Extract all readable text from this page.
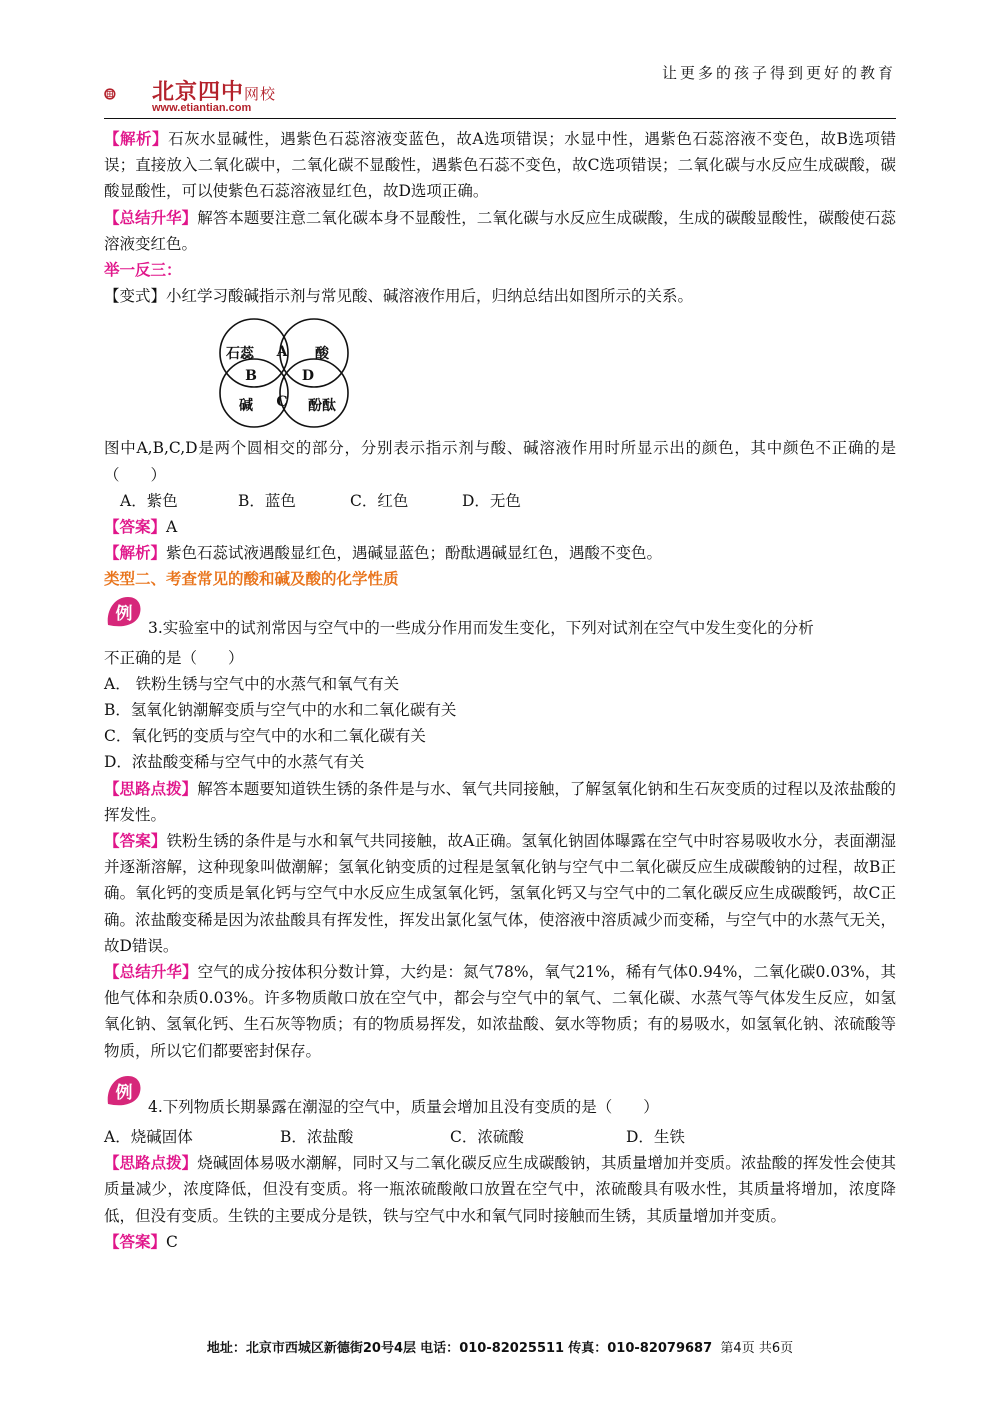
让更多的孩子得到更好的教育
北京四中网校
www.etiantian.com

【解析】石灰水显碱性，遇紫色石蕊溶液变蓝色，故A选项错误；水显中性，遇紫色石蕊溶液不变色，故B选项错误；直接放入二氧化碳中，二氧化碳不显酸性，遇紫色石蕊不变色，故C选项错误；二氧化碳与水反应生成碳酸，碳酸显酸性，可以使紫色石蕊溶液显红色，故D选项正确。

【总结升华】解答本题要注意二氧化碳本身不显酸性，二氧化碳与水反应生成碳酸，生成的碳酸显酸性，碳酸使石蕊溶液变红色。

举一反三：

【变式】小红学习酸碱指示剂与常见酸、碱溶液作用后，归纳总结出如图所示的关系。

石蕊	酸
A
B	D
碱 C 酚酞

图中A,B,C,D是两个圆相交的部分，分别表示指示剂与酸、碱溶液作用时所显示出的颜色，其中颜色不正确的是（　　）

A．紫色	B．蓝色	C．红色	D．无色

【答案】A

【解析】紫色石蕊试液遇酸显红色，遇碱显蓝色；酚酞遇碱显红色，遇酸不变色。

类型二、考查常见的酸和碱及酸的化学性质

例
3.实验室中的试剂常因与空气中的一些成分作用而发生变化，下列对试剂在空气中发生变化的分析

不正确的是（　　）

A． 铁粉生锈与空气中的水蒸气和氧气有关

B．氢氧化钠潮解变质与空气中的水和二氧化碳有关

C．氧化钙的变质与空气中的水和二氧化碳有关

D．浓盐酸变稀与空气中的水蒸气有关

【思路点拨】解答本题要知道铁生锈的条件是与水、氧气共同接触，了解氢氧化钠和生石灰变质的过程以及浓盐酸的挥发性。

【答案】铁粉生锈的条件是与水和氧气共同接触，故A正确。氢氧化钠固体曝露在空气中时容易吸收水分，表面潮湿并逐渐溶解，这种现象叫做潮解；氢氧化钠变质的过程是氢氧化钠与空气中二氧化碳反应生成碳酸钠的过程，故B正确。氧化钙的变质是氧化钙与空气中水反应生成氢氧化钙，氢氧化钙又与空气中的二氧化碳反应生成碳酸钙，故C正确。浓盐酸变稀是因为浓盐酸具有挥发性，挥发出氯化氢气体，使溶液中溶质减少而变稀，与空气中的水蒸气无关，故D错误。

【总结升华】空气的成分按体积分数计算，大约是：氮气78%，氧气21%，稀有气体0.94%，二氧化碳0.03%，其他气体和杂质0.03%。许多物质敞口放在空气中，都会与空气中的氧气、二氧化碳、水蒸气等气体发生反应，如氢氧化钠、氢氧化钙、生石灰等物质；有的物质易挥发，如浓盐酸、氨水等物质；有的易吸水，如氢氧化钠、浓硫酸等物质，所以它们都要密封保存。

例
4.下列物质长期暴露在潮湿的空气中，质量会增加且没有变质的是（　　）

A．烧碱固体	B．浓盐酸	C．浓硫酸	D．生铁

【思路点拨】烧碱固体易吸水潮解，同时又与二氧化碳反应生成碳酸钠，其质量增加并变质。浓盐酸的挥发性会使其质量减少，浓度降低，但没有变质。将一瓶浓硫酸敞口放置在空气中，浓硫酸具有吸水性，其质量将增加，浓度降低，但没有变质。生铁的主要成分是铁，铁与空气中水和氧气同时接触而生锈，其质量增加并变质。

【答案】C

地址：北京市西城区新德街20号4层 电话：010-82025511 传真：010-82079687 第4页 共6页
